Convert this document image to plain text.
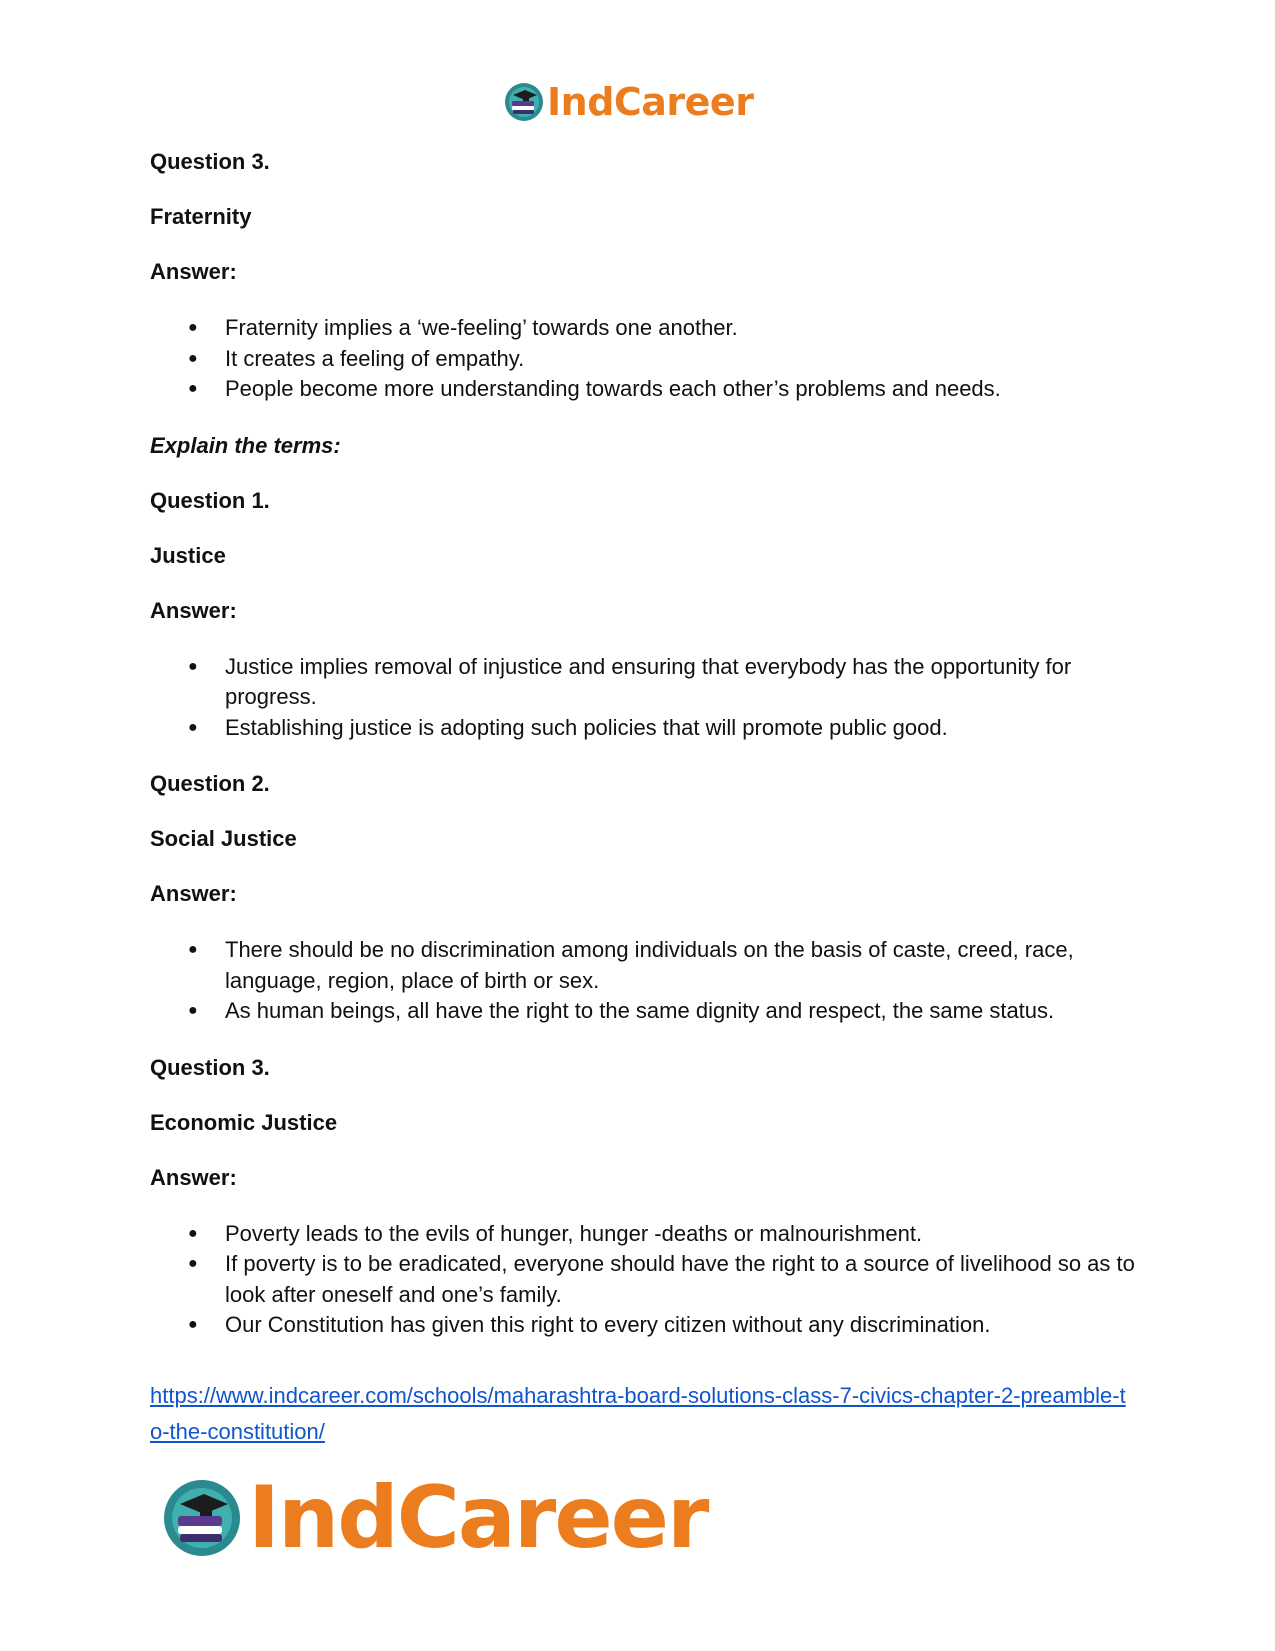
IndCareer

Question 3.

Fraternity

Answer:

● Fraternity implies a ‘we-feeling’ towards one another.
● It creates a feeling of empathy.
● People become more understanding towards each other’s problems and needs.

Explain the terms:

Question 1.

Justice

Answer:

● Justice implies removal of injustice and ensuring that everybody has the opportunity for progress.
● Establishing justice is adopting such policies that will promote public good.

Question 2.

Social Justice

Answer:

● There should be no discrimination among individuals on the basis of caste, creed, race, language, region, place of birth or sex.
● As human beings, all have the right to the same dignity and respect, the same status.

Question 3.

Economic Justice

Answer:

● Poverty leads to the evils of hunger, hunger -deaths or malnourishment.
● If poverty is to be eradicated, everyone should have the right to a source of livelihood so as to look after oneself and one’s family.
● Our Constitution has given this right to every citizen without any discrimination.
https://www.indcareer.com/schools/maharashtra-board-solutions-class-7-civics-chapter-2-preamble-to-the-constitution/
IndCareer
